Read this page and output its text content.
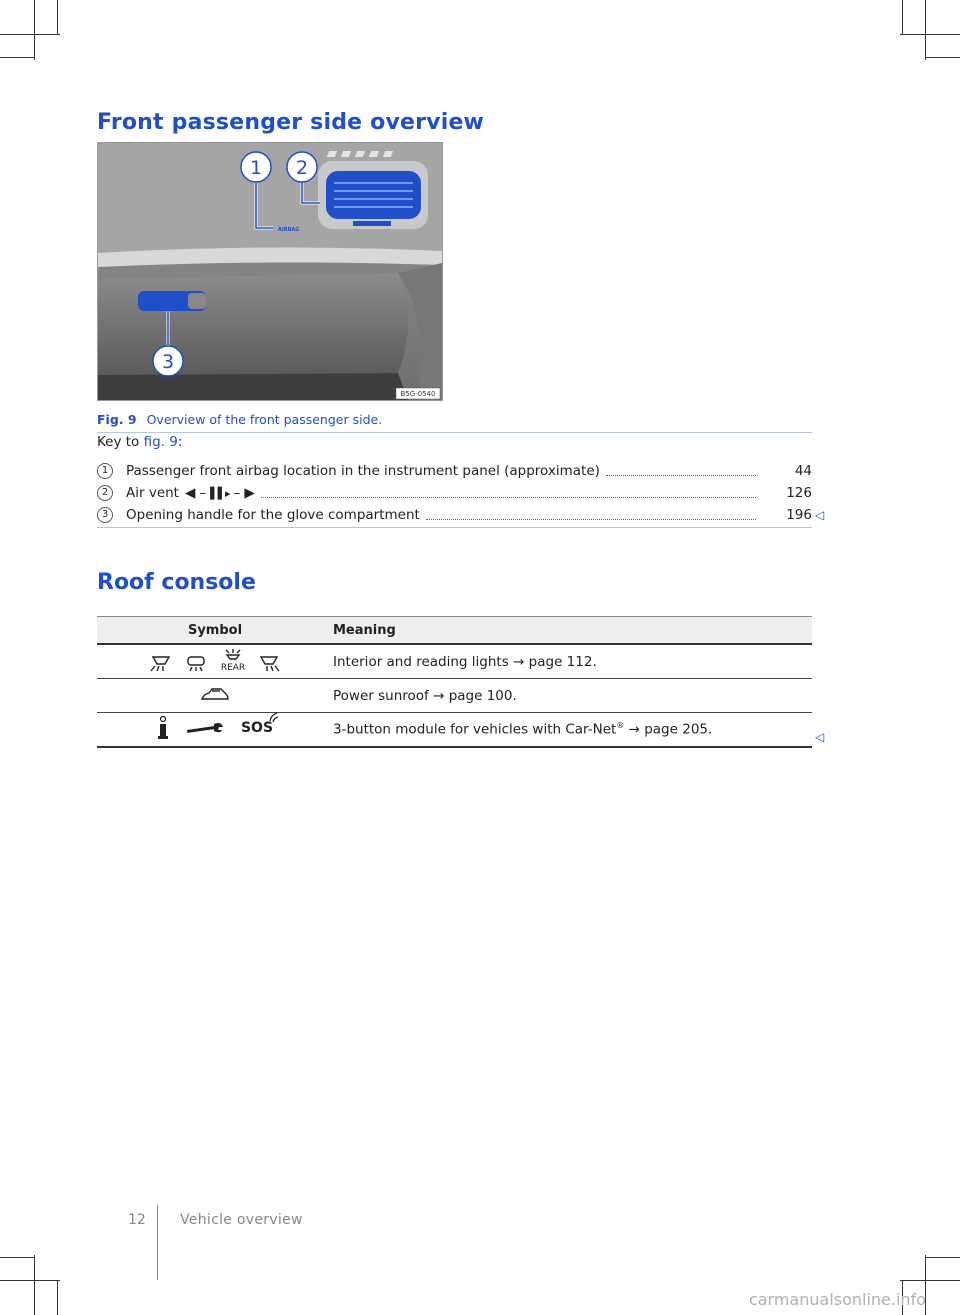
Front passenger side overview
AIRBAG
1 2
3
B5G-0540
Fig. 9 Overview of the front passenger side.
Key to fig. 9:
1	Passenger front airbag location in the instrument panel (approximate)	44
2	Air vent ◀ – ▌▌▸ – ▶	126
3	Opening handle for the glove compartment	196 ◁
Roof console
Symbol	Meaning

REAR	Interior and reading lights → page 112.
	Power sunroof → page 100.

SOS	3-button module for vehicles with Car-Net® → page 205.	◁
12 Vehicle overview
carmanualsonline.info
